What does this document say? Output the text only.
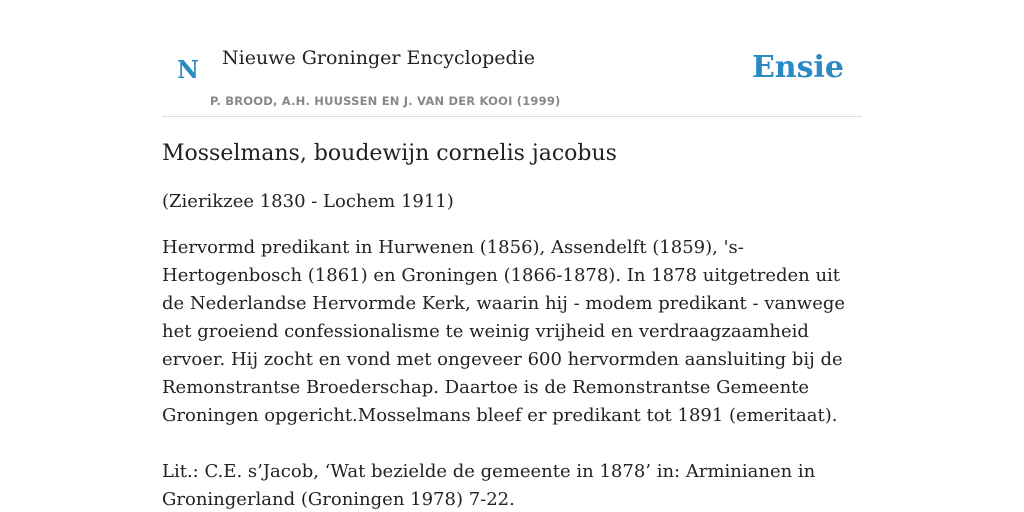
N Nieuwe Groninger Encyclopedie
P. BROOD, A.H. HUUSSEN EN J. VAN DER KOOI (1999)
Ensie
Mosselmans, boudewijn cornelis jacobus

(Zierikzee 1830 - Lochem 1911)

Hervormd predikant in Hurwenen (1856), Assendelft (1859), 's-Hertogenbosch (1861) en Groningen (1866-1878). In 1878 uitgetreden uit de Nederlandse Hervormde Kerk, waarin hij - modem predikant - vanwege het groeiend confessionalisme te weinig vrijheid en verdraagzaamheid ervoer. Hij zocht en vond met ongeveer 600 hervormden aansluiting bij de Remonstrantse Broederschap. Daartoe is de Remonstrantse Gemeente Groningen opgericht.Mosselmans bleef er predikant tot 1891 (emeritaat).

Lit.: C.E. s’Jacob, ‘Wat bezielde de gemeente in 1878’ in: Arminianen in Groningerland (Groningen 1978) 7-22.
